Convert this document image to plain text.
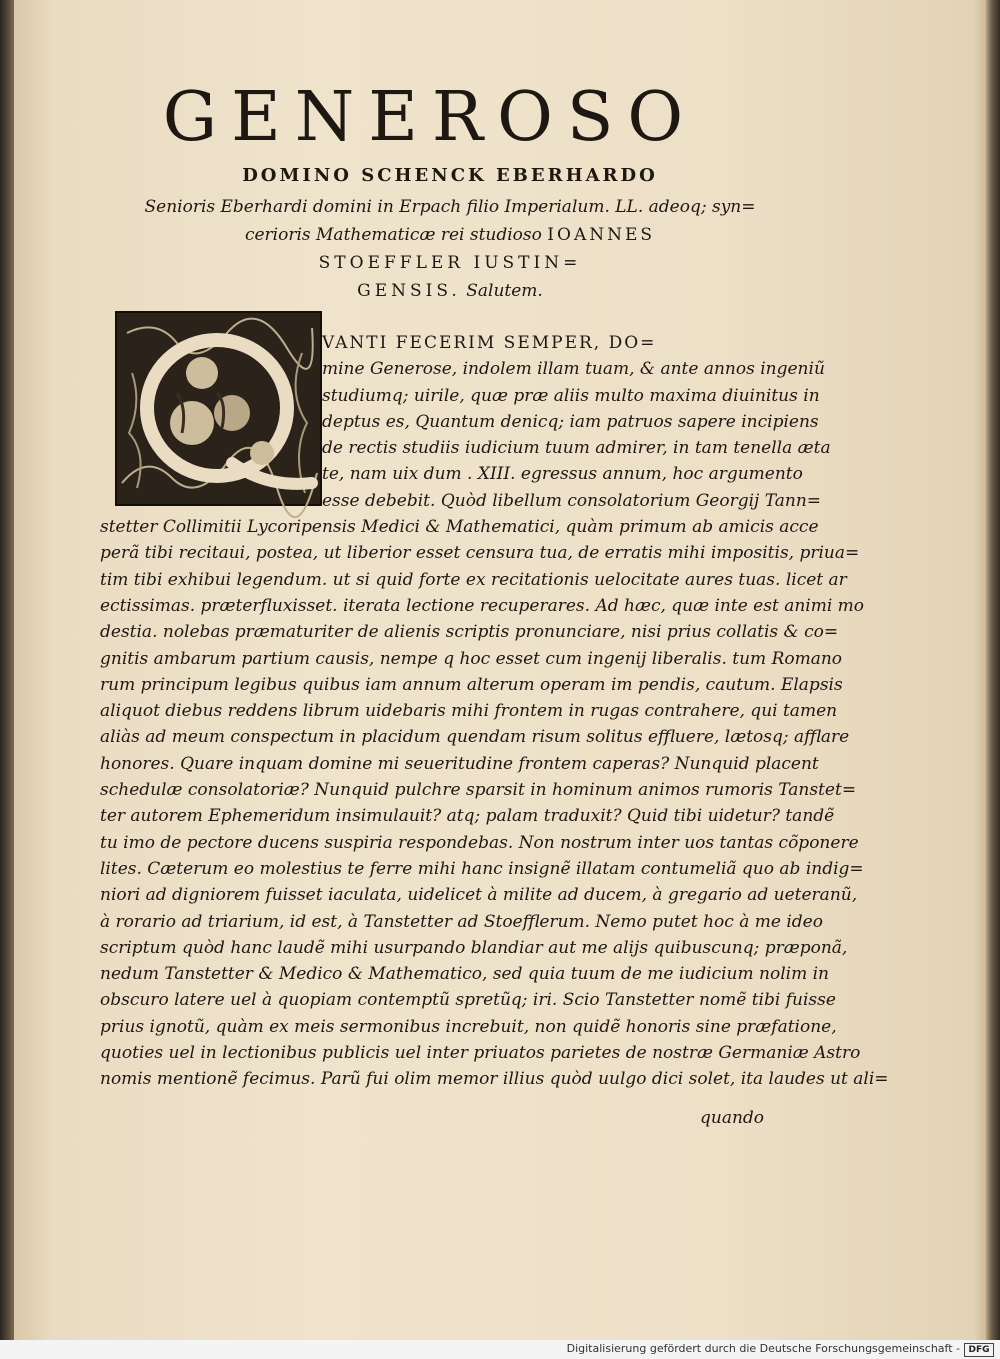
GENEROSO
DOMINO SCHENCK EBERHARDO
Senioris Eberhardi domini in Erpach filio Imperialum. LL. adeoq; syn=
cerioris Mathematicæ rei studioso IOANNES
STOEFFLER IUSTIN=
GENSIS. Salutem.
VANTI FECERIM SEMPER, DO=
mine Generose, indolem illam tuam, & ante annos ingeniũ
studiumq; uirile, quæ præ aliis multo maxima diuinitus in
deptus es, Quantum denicq; iam patruos sapere incipiens
de rectis studiis iudicium tuum admirer, in tam tenella æta
te, nam uix dum . XIII. egressus annum, hoc argumento
esse debebit. Quòd libellum consolatorium Georgij Tann=
stetter Collimitii Lycoripensis Medici & Mathematici, quàm primum ab amicis acce
perã tibi recitaui, postea, ut liberior esset censura tua, de erratis mihi impositis, priua=
tim tibi exhibui legendum. ut si quid forte ex recitationis uelocitate aures tuas. licet ar
ectissimas. præterfluxisset. iterata lectione recuperares. Ad hæc, quæ inte est animi mo
destia. nolebas præmaturiter de alienis scriptis pronunciare, nisi prius collatis & co=
gnitis ambarum partium causis, nempe q hoc esset cum ingenij liberalis. tum Romano
rum principum legibus quibus iam annum alterum operam im pendis, cautum. Elapsis
aliquot diebus reddens librum uidebaris mihi frontem in rugas contrahere, qui tamen
aliàs ad meum conspectum in placidum quendam risum solitus effluere, lætosq; afflare
honores. Quare inquam domine mi seueritudine frontem caperas? Nunquid placent
schedulæ consolatoriæ? Nunquid pulchre sparsit in hominum animos rumoris Tanstet=
ter autorem Ephemeridum insimulauit? atq; palam traduxit? Quid tibi uidetur? tandẽ
tu imo de pectore ducens suspiria respondebas. Non nostrum inter uos tantas cõponere
lites. Cæterum eo molestius te ferre mihi hanc insignẽ illatam contumeliã quo ab indig=
niori ad digniorem fuisset iaculata, uidelicet à milite ad ducem, à gregario ad ueteranũ,
à rorario ad triarium, id est, à Tanstetter ad Stoefflerum. Nemo putet hoc à me ideo
scriptum quòd hanc laudẽ mihi usurpando blandiar aut me alijs quibuscunq; præponã,
nedum Tanstetter & Medico & Mathematico, sed quia tuum de me iudicium nolim in
obscuro latere uel à quopiam contemptũ spretũq; iri. Scio Tanstetter nomẽ tibi fuisse
prius ignotũ, quàm ex meis sermonibus increbuit, non quidẽ honoris sine præfatione,
quoties uel in lectionibus publicis uel inter priuatos parietes de nostræ Germaniæ Astro
nomis mentionẽ fecimus. Parũ fui olim memor illius quòd uulgo dici solet, ita laudes ut ali=
quando
Digitalisierung gefördert durch die Deutsche Forschungsgemeinschaft - DFG
